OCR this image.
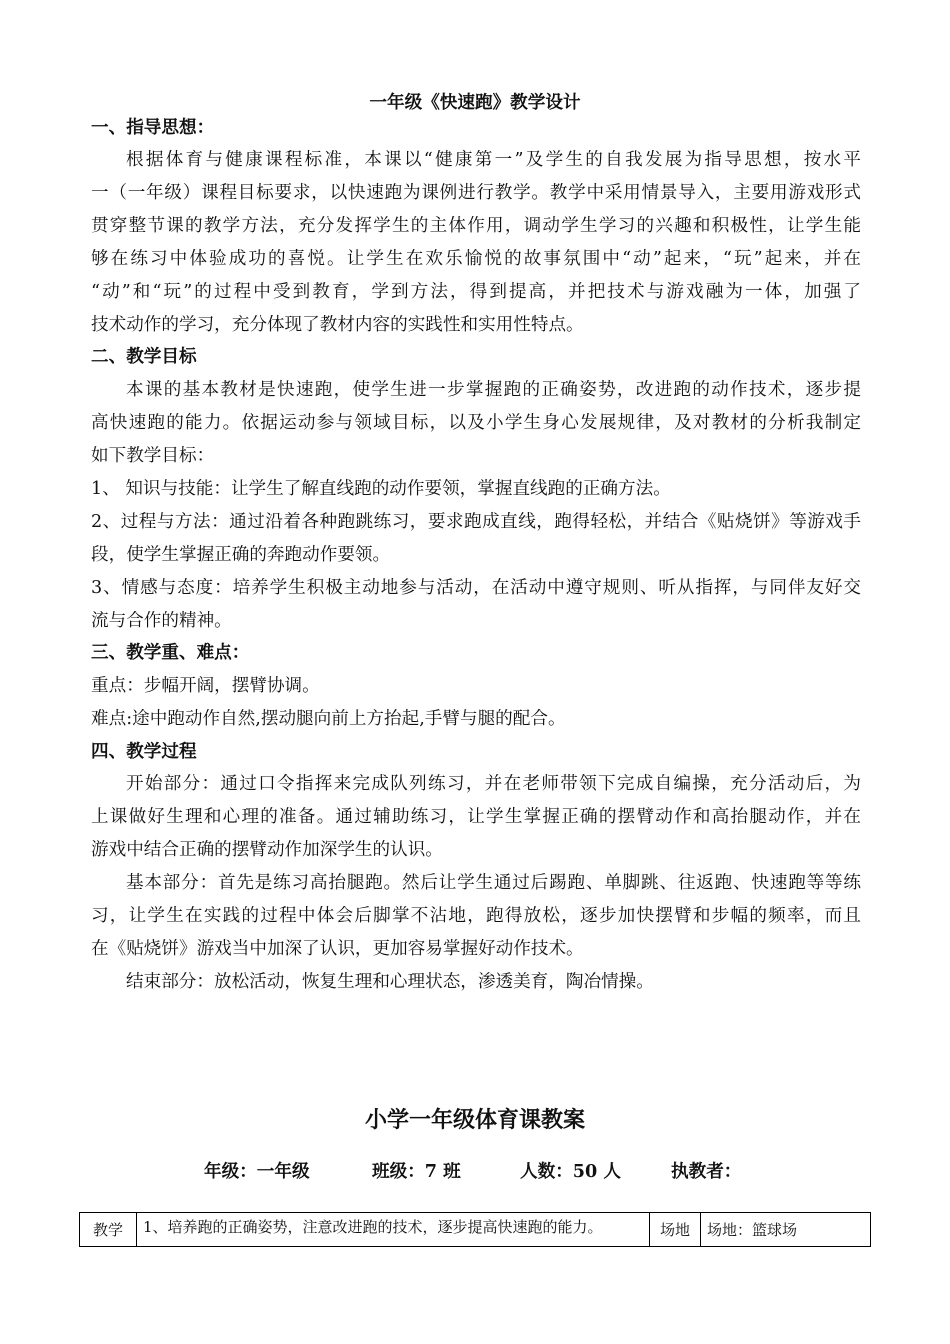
一年级《快速跑》教学设计
一、指导思想：
根据体育与健康课程标准，本课以“健康第一”及学生的自我发展为指导思想，按水平
一（一年级）课程目标要求，以快速跑为课例进行教学。教学中采用情景导入，主要用游戏形式
贯穿整节课的教学方法，充分发挥学生的主体作用，调动学生学习的兴趣和积极性，让学生能
够在练习中体验成功的喜悦。让学生在欢乐愉悦的故事氛围中“动”起来，“玩”起来，并在
“动”和“玩”的过程中受到教育，学到方法，得到提高，并把技术与游戏融为一体，加强了
技术动作的学习，充分体现了教材内容的实践性和实用性特点。
二、教学目标
本课的基本教材是快速跑，使学生进一步掌握跑的正确姿势，改进跑的动作技术，逐步提
高快速跑的能力。依据运动参与领域目标，以及小学生身心发展规律，及对教材的分析我制定
如下教学目标：
1、 知识与技能：让学生了解直线跑的动作要领，掌握直线跑的正确方法。
2、过程与方法：通过沿着各种跑跳练习，要求跑成直线，跑得轻松，并结合《贴烧饼》等游戏手
段，使学生掌握正确的奔跑动作要领。
3、情感与态度：培养学生积极主动地参与活动，在活动中遵守规则、听从指挥，与同伴友好交
流与合作的精神。
三、教学重、难点：
重点：步幅开阔，摆臂协调。
难点:途中跑动作自然,摆动腿向前上方抬起,手臂与腿的配合。
四、教学过程
开始部分：通过口令指挥来完成队列练习，并在老师带领下完成自编操，充分活动后，为
上课做好生理和心理的准备。通过辅助练习，让学生掌握正确的摆臂动作和高抬腿动作，并在
游戏中结合正确的摆臂动作加深学生的认识。
基本部分：首先是练习高抬腿跑。然后让学生通过后踢跑、单脚跳、往返跑、快速跑等等练
习，让学生在实践的过程中体会后脚掌不沾地，跑得放松，逐步加快摆臂和步幅的频率，而且
在《贴烧饼》游戏当中加深了认识，更加容易掌握好动作技术。
结束部分：放松活动，恢复生理和心理状态，渗透美育，陶冶情操。
小学一年级体育课教案
年级：一年级	班级：7 班	人数：50 人	执教者：
教学	1、培养跑的正确姿势，注意改进跑的技术，逐步提高快速跑的能力。	场地	场地：篮球场
